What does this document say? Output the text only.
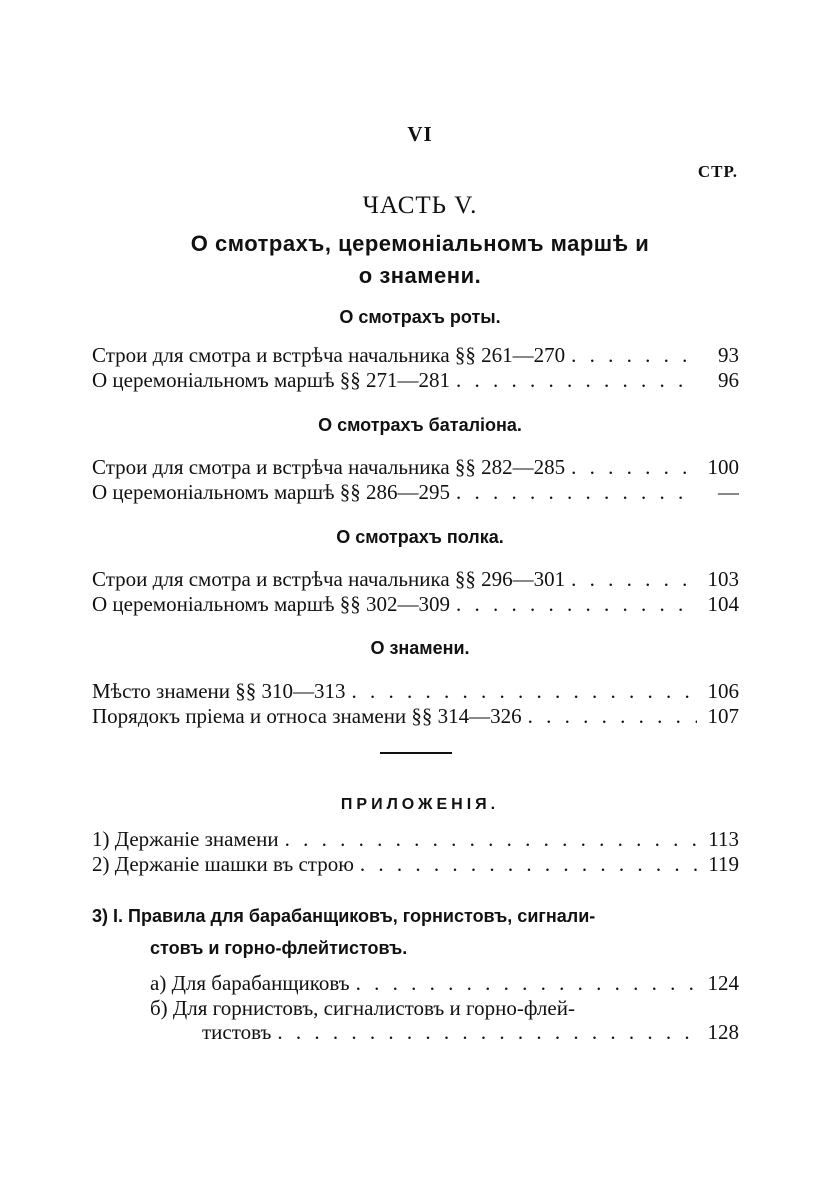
VI
СТР.
ЧАСТЬ V.
О смотрахъ, церемоніальномъ маршѣ и
о знамени.
О смотрахъ роты.
Строи для смотра и встрѣча начальника §§ 261—270 . . .	93
О церемоніальномъ маршѣ §§ 271—281 . . .	96
О смотрахъ баталіона.
Строи для смотра и встрѣча начальника §§ 282—285 . . .	100
О церемоніальномъ маршѣ §§ 286—295 . . .	—
О смотрахъ полка.
Строи для смотра и встрѣча начальника §§ 296—301 . . .	103
О церемоніальномъ маршѣ §§ 302—309 . . .	104
О знамени.
Мѣсто знамени §§ 310—313 . . .	106
Порядокъ пріема и относа знамени §§ 314—326 . . .	107
ПРИЛОЖЕНІЯ.
1) Держаніе знамени . . .	113
2) Держаніе шашки въ строю . . .	119
3) I. Правила для барабанщиковъ, горнистовъ, сигнали-
стовъ и горно-флейтистовъ.
а) Для барабанщиковъ . . .	124
б) Для горнистовъ, сигналистовъ и горно-флей-
тистовъ . . .	128
